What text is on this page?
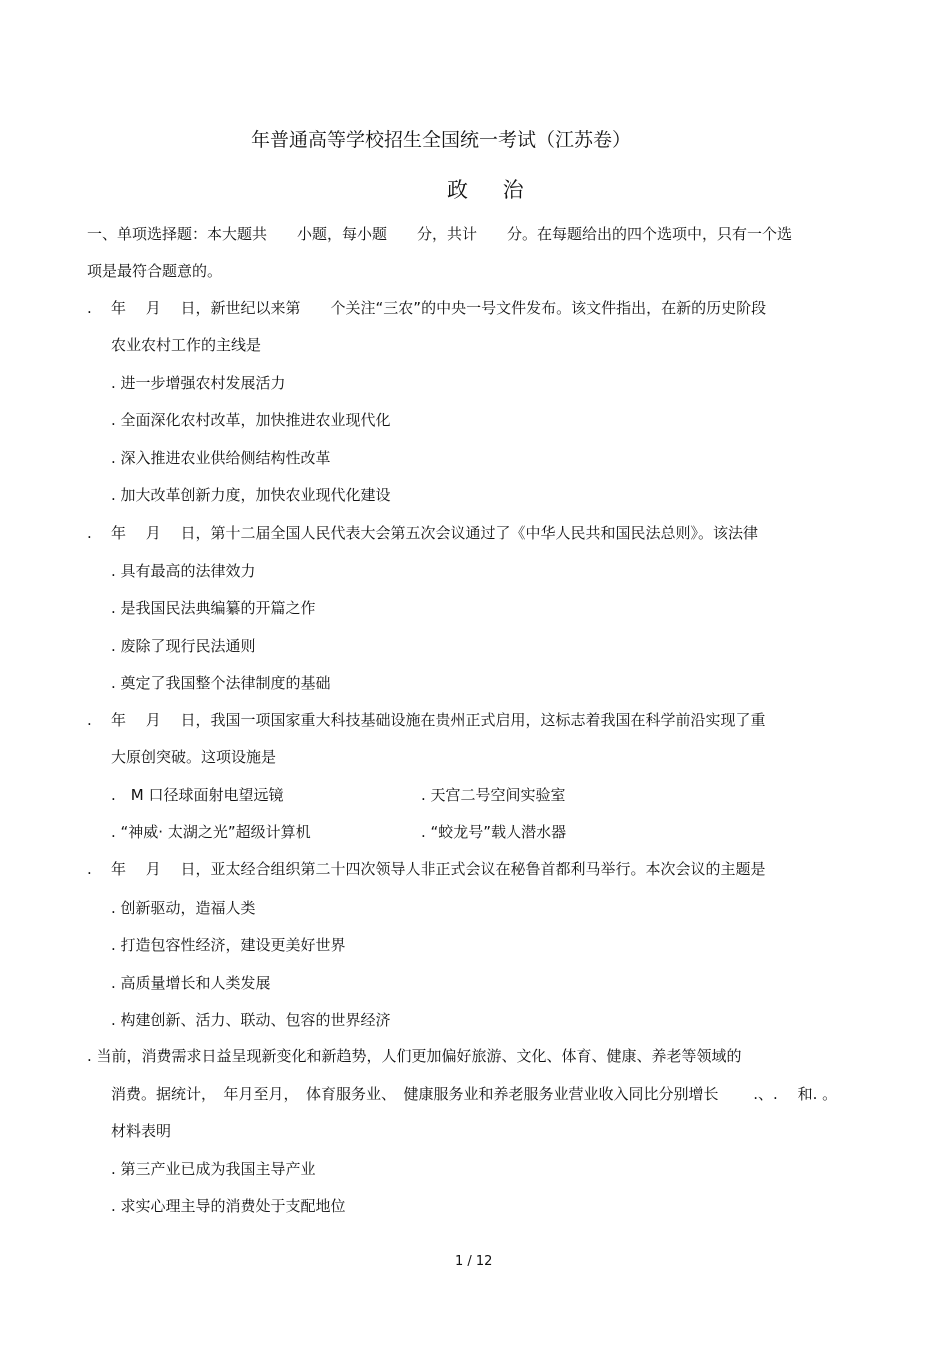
年普通高等学校招生全国统一考试（江苏卷）
政 治
一、单项选择题：本大题共　　小题，每小题　　分，共计　　分。在每题给出的四个选项中，只有一个选
项是最符合题意的。
. 年　 月　 日，新世纪以来第　　个关注“三农”的中央一号文件发布。该文件指出，在新的历史阶段
农业农村工作的主线是
. 进一步增强农村发展活力
. 全面深化农村改革，加快推进农业现代化
. 深入推进农业供给侧结构性改革
. 加大改革创新力度，加快农业现代化建设
. 年　 月　 日，第十二届全国人民代表大会第五次会议通过了《中华人民共和国民法总则》。该法律
. 具有最高的法律效力
. 是我国民法典编纂的开篇之作
. 废除了现行民法通则
. 奠定了我国整个法律制度的基础
. 年　 月　 日，我国一项国家重大科技基础设施在贵州正式启用，这标志着我国在科学前沿实现了重
大原创突破。这项设施是
.　M 口径球面射电望远镜	. 天宫二号空间实验室
. “神威· 太湖之光”超级计算机	. “蛟龙号”载人潜水器
. 年　 月　 日，亚太经合组织第二十四次领导人非正式会议在秘鲁首都利马举行。本次会议的主题是
. 创新驱动，造福人类
. 打造包容性经济，建设更美好世界
. 高质量增长和人类发展
. 构建创新、活力、联动、包容的世界经济
. 当前，消费需求日益呈现新变化和新趋势，人们更加偏好旅游、文化、体育、健康、养老等领域的
消费。据统计，　年月至月，　体育服务业、　健康服务业和养老服务业营业收入同比分别增长　　 .、.　 和. 。
材料表明
. 第三产业已成为我国主导产业
. 求实心理主导的消费处于支配地位
1 / 12
